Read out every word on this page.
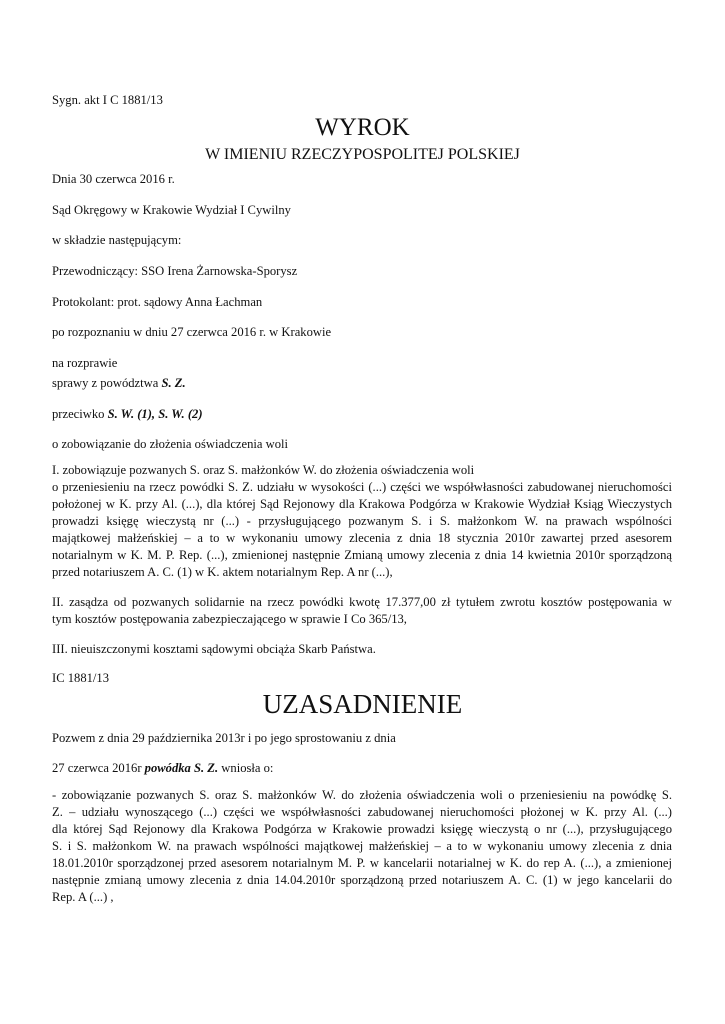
Sygn. akt I C 1881/13

WYROK
W IMIENIU RZECZYPOSPOLITEJ POLSKIEJ

Dnia 30 czerwca 2016 r.

Sąd Okręgowy w Krakowie Wydział I Cywilny

w składzie następującym:

Przewodniczący: SSO Irena Żarnowska-Sporysz

Protokolant: prot. sądowy Anna Łachman

po rozpoznaniu w dniu 27 czerwca 2016 r. w Krakowie

na rozprawie

sprawy z powództwa S. Z.

przeciwko S. W. (1), S. W. (2)

o zobowiązanie do złożenia oświadczenia woli

I. zobowiązuje pozwanych S. oraz S. małżonków W. do złożenia oświadczenia woli
o przeniesieniu na rzecz powódki S. Z. udziału w wysokości (...) części we współwłasności zabudowanej nieruchomości
położonej w K. przy Al. (...), dla której Sąd Rejonowy dla Krakowa Podgórza w Krakowie Wydział Ksiąg Wieczystych
prowadzi księgę wieczystą nr (...) - przysługującego pozwanym S. i S. małżonkom W. na prawach wspólności
majątkowej małżeńskiej – a to w wykonaniu umowy zlecenia z dnia 18 stycznia 2010r zawartej przed asesorem
notarialnym w K. M. P. Rep. (...), zmienionej następnie Zmianą umowy zlecenia z dnia 14 kwietnia 2010r sporządzoną
przed notariuszem A. C. (1) w K. aktem notarialnym Rep. A nr (...),
II. zasądza od pozwanych solidarnie na rzecz powódki kwotę 17.377,00 zł tytułem zwrotu kosztów postępowania w
tym kosztów postępowania zabezpieczającego w sprawie I Co 365/13,

III. nieuiszczonymi kosztami sądowymi obciąża Skarb Państwa.

IC 1881/13

UZASADNIENIE

Pozwem z dnia 29 października 2013r i po jego sprostowaniu z dnia

27 czerwca 2016r powódka S. Z. wniosła o:

- zobowiązanie pozwanych S. oraz S. małżonków W. do złożenia oświadczenia woli o przeniesieniu na powódkę S.
Z. – udziału wynoszącego (...) części we współwłasności zabudowanej nieruchomości płożonej w K. przy Al. (...)
dla której Sąd Rejonowy dla Krakowa Podgórza w Krakowie prowadzi księgę wieczystą o nr (...), przysługującego
S. i S. małżonkom W. na prawach wspólności majątkowej małżeńskiej – a to w wykonaniu umowy zlecenia z dnia
18.01.2010r sporządzonej przed asesorem notarialnym M. P. w kancelarii notarialnej w K. do rep A. (...), a zmienionej
następnie zmianą umowy zlecenia z dnia 14.04.2010r sporządzoną przed notariuszem A. C. (1) w jego kancelarii do
Rep. A (...) ,
